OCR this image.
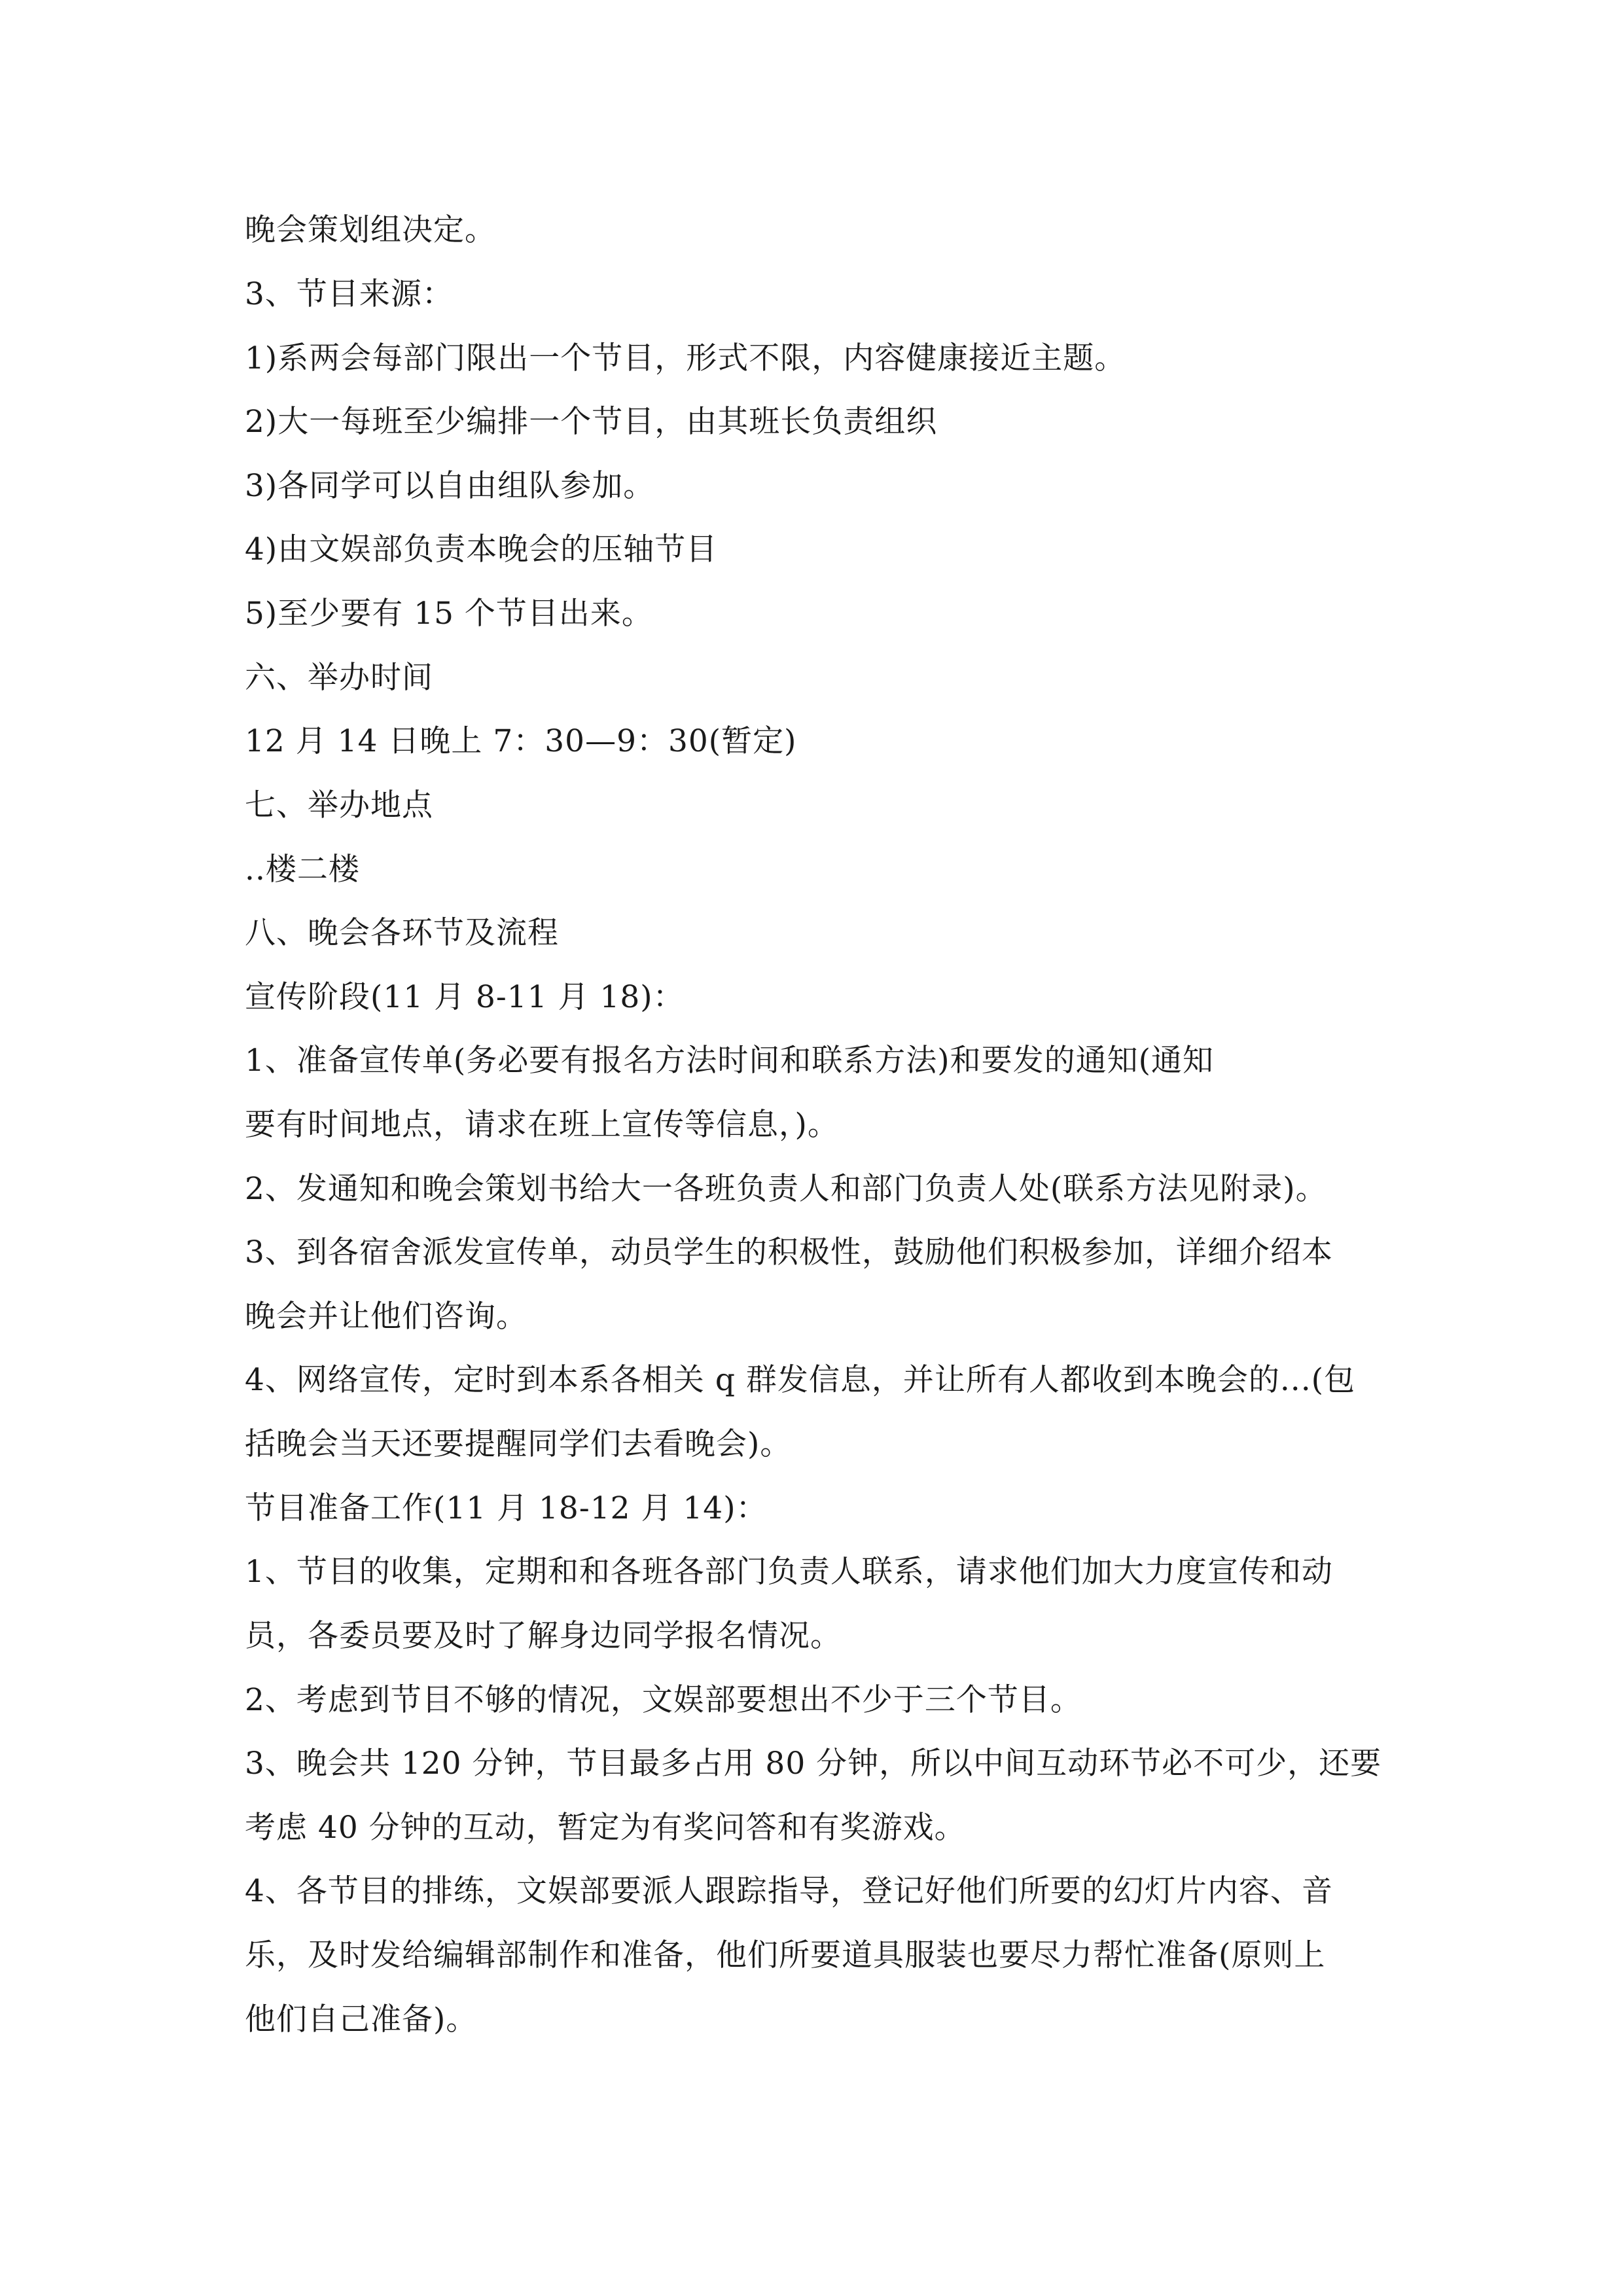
晚会策划组决定。
3、节目来源：
1)系两会每部门限出一个节目，形式不限，内容健康接近主题。
2)大一每班至少编排一个节目，由其班长负责组织
3)各同学可以自由组队参加。
4)由文娱部负责本晚会的压轴节目
5)至少要有 15 个节目出来。
六、举办时间
12 月 14 日晚上 7：30—9：30(暂定)
七、举办地点
..楼二楼
八、晚会各环节及流程
宣传阶段(11 月 8-11 月 18)：
1、准备宣传单(务必要有报名方法时间和联系方法)和要发的通知(通知
要有时间地点，请求在班上宣传等信息，)。
2、发通知和晚会策划书给大一各班负责人和部门负责人处(联系方法见附录)。
3、到各宿舍派发宣传单，动员学生的积极性，鼓励他们积极参加，详细介绍本
晚会并让他们咨询。
4、网络宣传，定时到本系各相关 q 群发信息，并让所有人都收到本晚会的...(包
括晚会当天还要提醒同学们去看晚会)。
节目准备工作(11 月 18-12 月 14)：
1、节目的收集，定期和和各班各部门负责人联系，请求他们加大力度宣传和动
员，各委员要及时了解身边同学报名情况。
2、考虑到节目不够的情况，文娱部要想出不少于三个节目。
3、晚会共 120 分钟，节目最多占用 80 分钟，所以中间互动环节必不可少，还要
考虑 40 分钟的互动，暂定为有奖问答和有奖游戏。
4、各节目的排练，文娱部要派人跟踪指导，登记好他们所要的幻灯片内容、音
乐，及时发给编辑部制作和准备，他们所要道具服装也要尽力帮忙准备(原则上
他们自己准备)。
